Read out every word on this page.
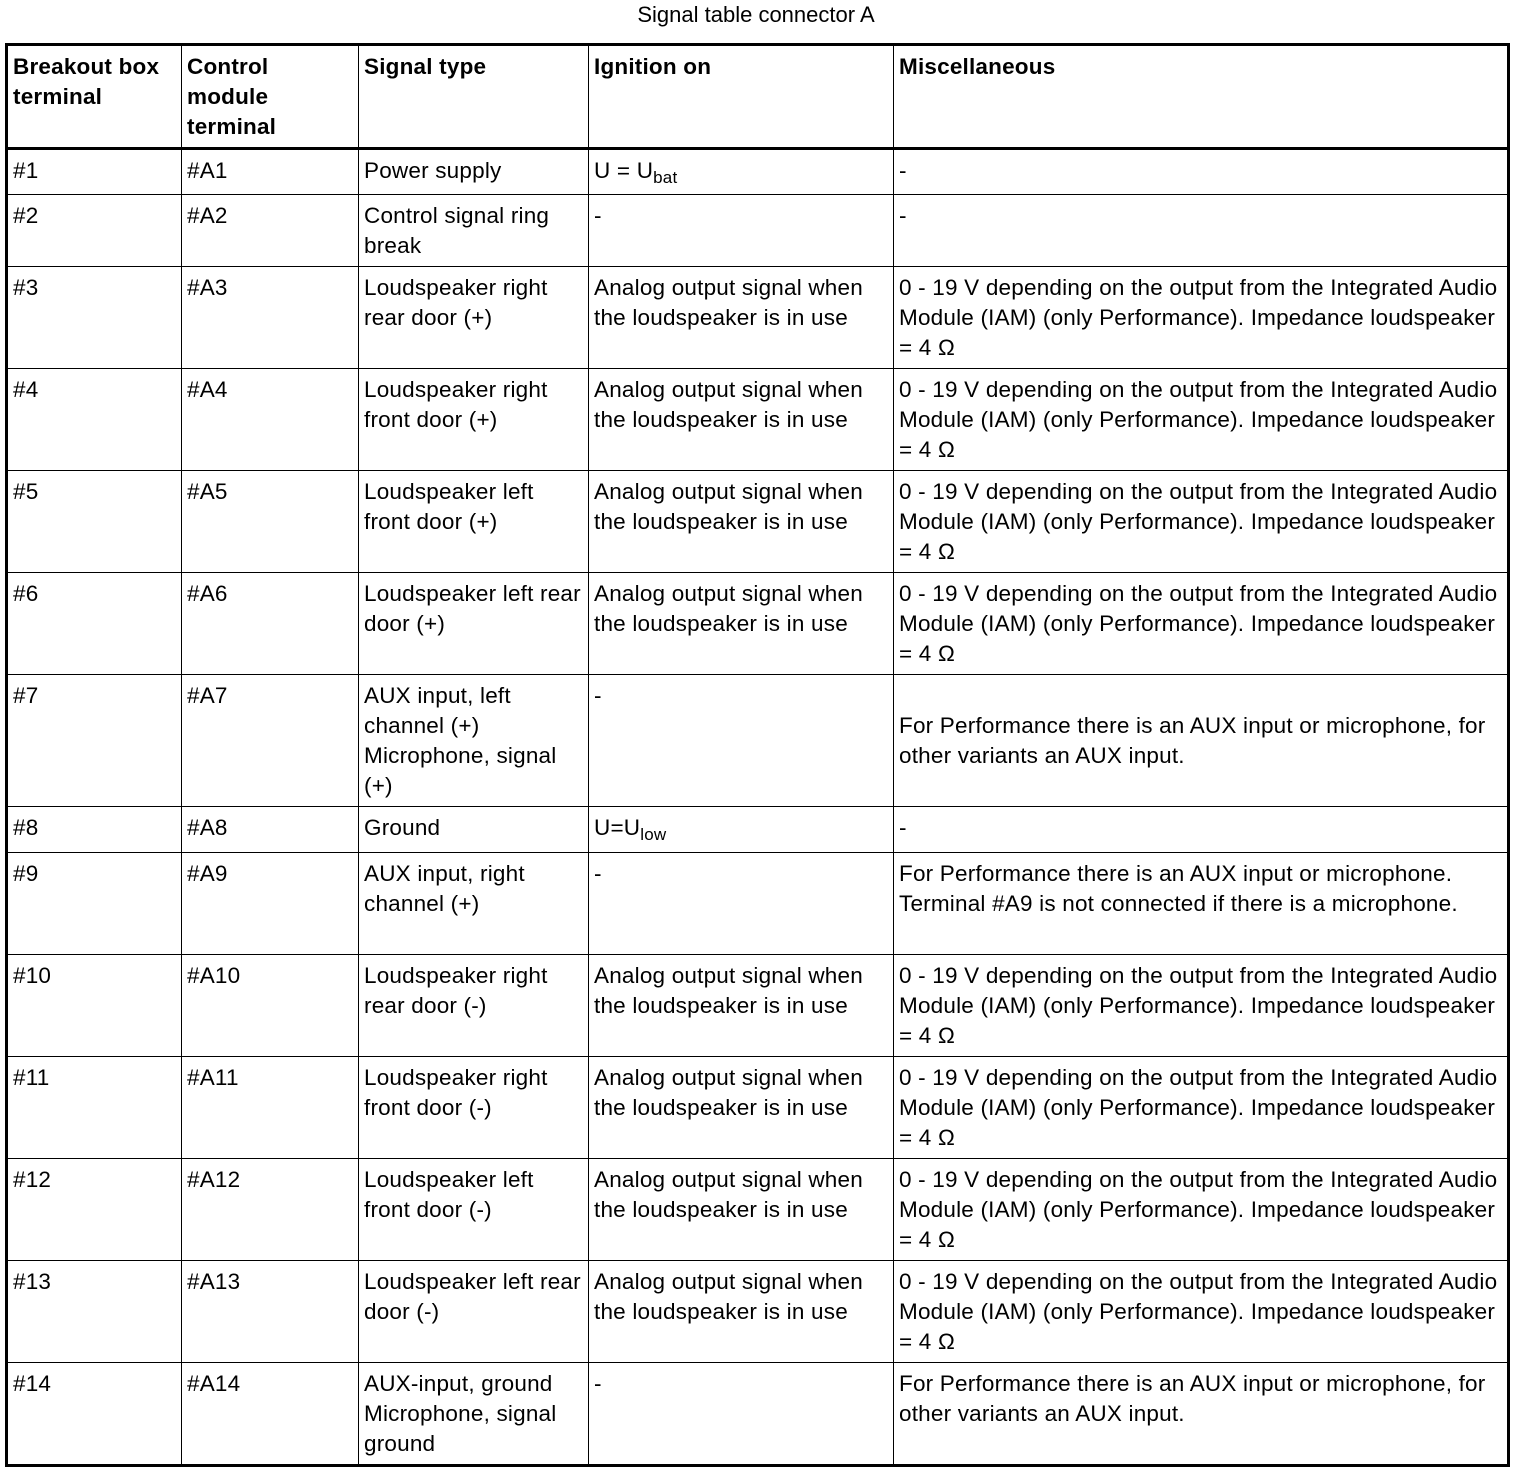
Signal table connector A
Breakout box terminal	Control module terminal	Signal type	Ignition on	Miscellaneous
#1	#A1	Power supply	$U = U_{bat}$	-
#2	#A2	Control signal ring break	-	-
#3	#A3	Loudspeaker right rear door (+)	Analog output signal when the loudspeaker is in use	0 - 19 V depending on the output from the Integrated Audio Module (IAM) (only Performance). Impedance loudspeaker = 4 Ω
#4	#A4	Loudspeaker right front door (+)	Analog output signal when the loudspeaker is in use	0 - 19 V depending on the output from the Integrated Audio Module (IAM) (only Performance). Impedance loudspeaker = 4 Ω
#5	#A5	Loudspeaker left front door (+)	Analog output signal when the loudspeaker is in use	0 - 19 V depending on the output from the Integrated Audio Module (IAM) (only Performance). Impedance loudspeaker = 4 Ω
#6	#A6	Loudspeaker left rear door (+)	Analog output signal when the loudspeaker is in use	0 - 19 V depending on the output from the Integrated Audio Module (IAM) (only Performance). Impedance loudspeaker = 4 Ω
#7	#A7	AUX input, left channel (+) Microphone, signal (+)	-	For Performance there is an AUX input or microphone, for other variants an AUX input.

#8	#A8	Ground	$U=U_{low}$	-
#9	#A9	AUX input, right channel (+)	-	For Performance there is an AUX input or microphone. Terminal #A9 is not connected if there is a microphone.
#10	#A10	Loudspeaker right rear door (-)	Analog output signal when the loudspeaker is in use	0 - 19 V depending on the output from the Integrated Audio Module (IAM) (only Performance). Impedance loudspeaker = 4 Ω
#11	#A11	Loudspeaker right front door (-)	Analog output signal when the loudspeaker is in use	0 - 19 V depending on the output from the Integrated Audio Module (IAM) (only Performance). Impedance loudspeaker = 4 Ω
#12	#A12	Loudspeaker left front door (-)	Analog output signal when the loudspeaker is in use	0 - 19 V depending on the output from the Integrated Audio Module (IAM) (only Performance). Impedance loudspeaker = 4 Ω
#13	#A13	Loudspeaker left rear door (-)	Analog output signal when the loudspeaker is in use	0 - 19 V depending on the output from the Integrated Audio Module (IAM) (only Performance). Impedance loudspeaker = 4 Ω
#14	#A14	AUX-input, ground Microphone, signal ground	-	For Performance there is an AUX input or microphone, for other variants an AUX input.
